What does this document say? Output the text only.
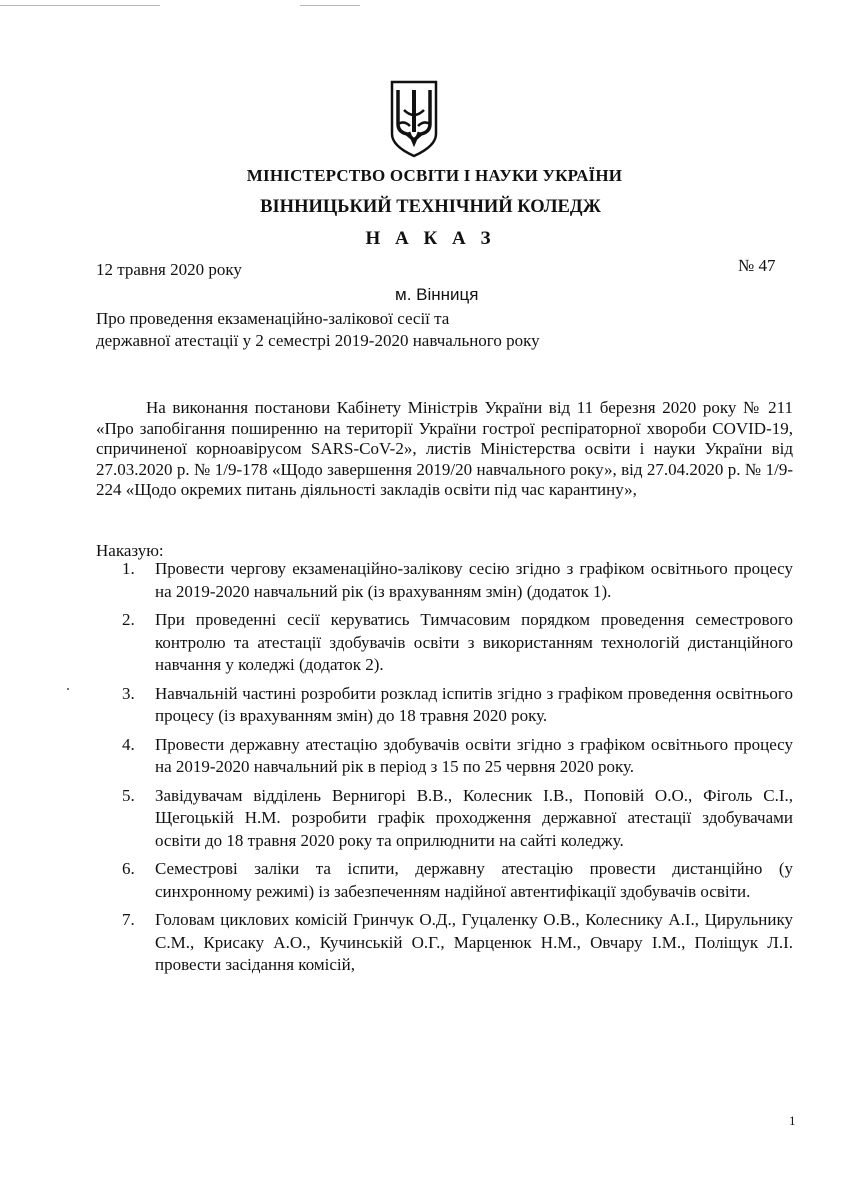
МІНІСТЕРСТВО ОСВІТИ І НАУКИ УКРАЇНИ
ВІННИЦЬКИЙ ТЕХНІЧНИЙ КОЛЕДЖ
Н А К А З
12 травня 2020 року	№ 47
м. Вінниця
Про проведення екзаменаційно-залікової сесії та
державної атестації у 2 семестрі 2019-2020 навчального року
На виконання постанови Кабінету Міністрів України від 11 березня 2020 року № 211 «Про запобігання поширенню на території України гострої респіраторної хвороби COVID-19, спричиненої корноавірусом SARS-CoV-2», листів Міністерства освіти і науки України від 27.03.2020 р. № 1/9-178 «Щодо завершення 2019/20 навчального року», від 27.04.2020 р. № 1/9-224 «Щодо окремих питань діяльності закладів освіти під час карантину»,
Наказую:
1. Провести чергову екзаменаційно-залікову сесію згідно з графіком освітнього процесу на 2019-2020 навчальний рік (із врахуванням змін) (додаток 1).
2. При проведенні сесії керуватись Тимчасовим порядком проведення семестрового контролю та атестації здобувачів освіти з використанням технологій дистанційного навчання у коледжі (додаток 2).
3. Навчальній частині розробити розклад іспитів згідно з графіком проведення освітнього процесу (із врахуванням змін) до 18 травня 2020 року.
4. Провести державну атестацію здобувачів освіти згідно з графіком освітнього процесу на 2019-2020 навчальний рік в період з 15 по 25 червня 2020 року.
5. Завідувачам відділень Вернигорі В.В., Колесник І.В., Поповій О.О., Фіголь С.І., Щегоцькій Н.М. розробити графік проходження державної атестації здобувачами освіти до 18 травня 2020 року та оприлюднити на сайті коледжу.
6. Семестрові заліки та іспити, державну атестацію провести дистанційно (у синхронному режимі) із забезпеченням надійної автентифікації здобувачів освіти.
7. Головам циклових комісій Гринчук О.Д., Гуцаленку О.В., Колеснику А.І., Цирульнику С.М., Крисаку А.О., Кучинській О.Г., Марценюк Н.М., Овчару І.М., Поліщук Л.І. провести засідання комісій,
1
